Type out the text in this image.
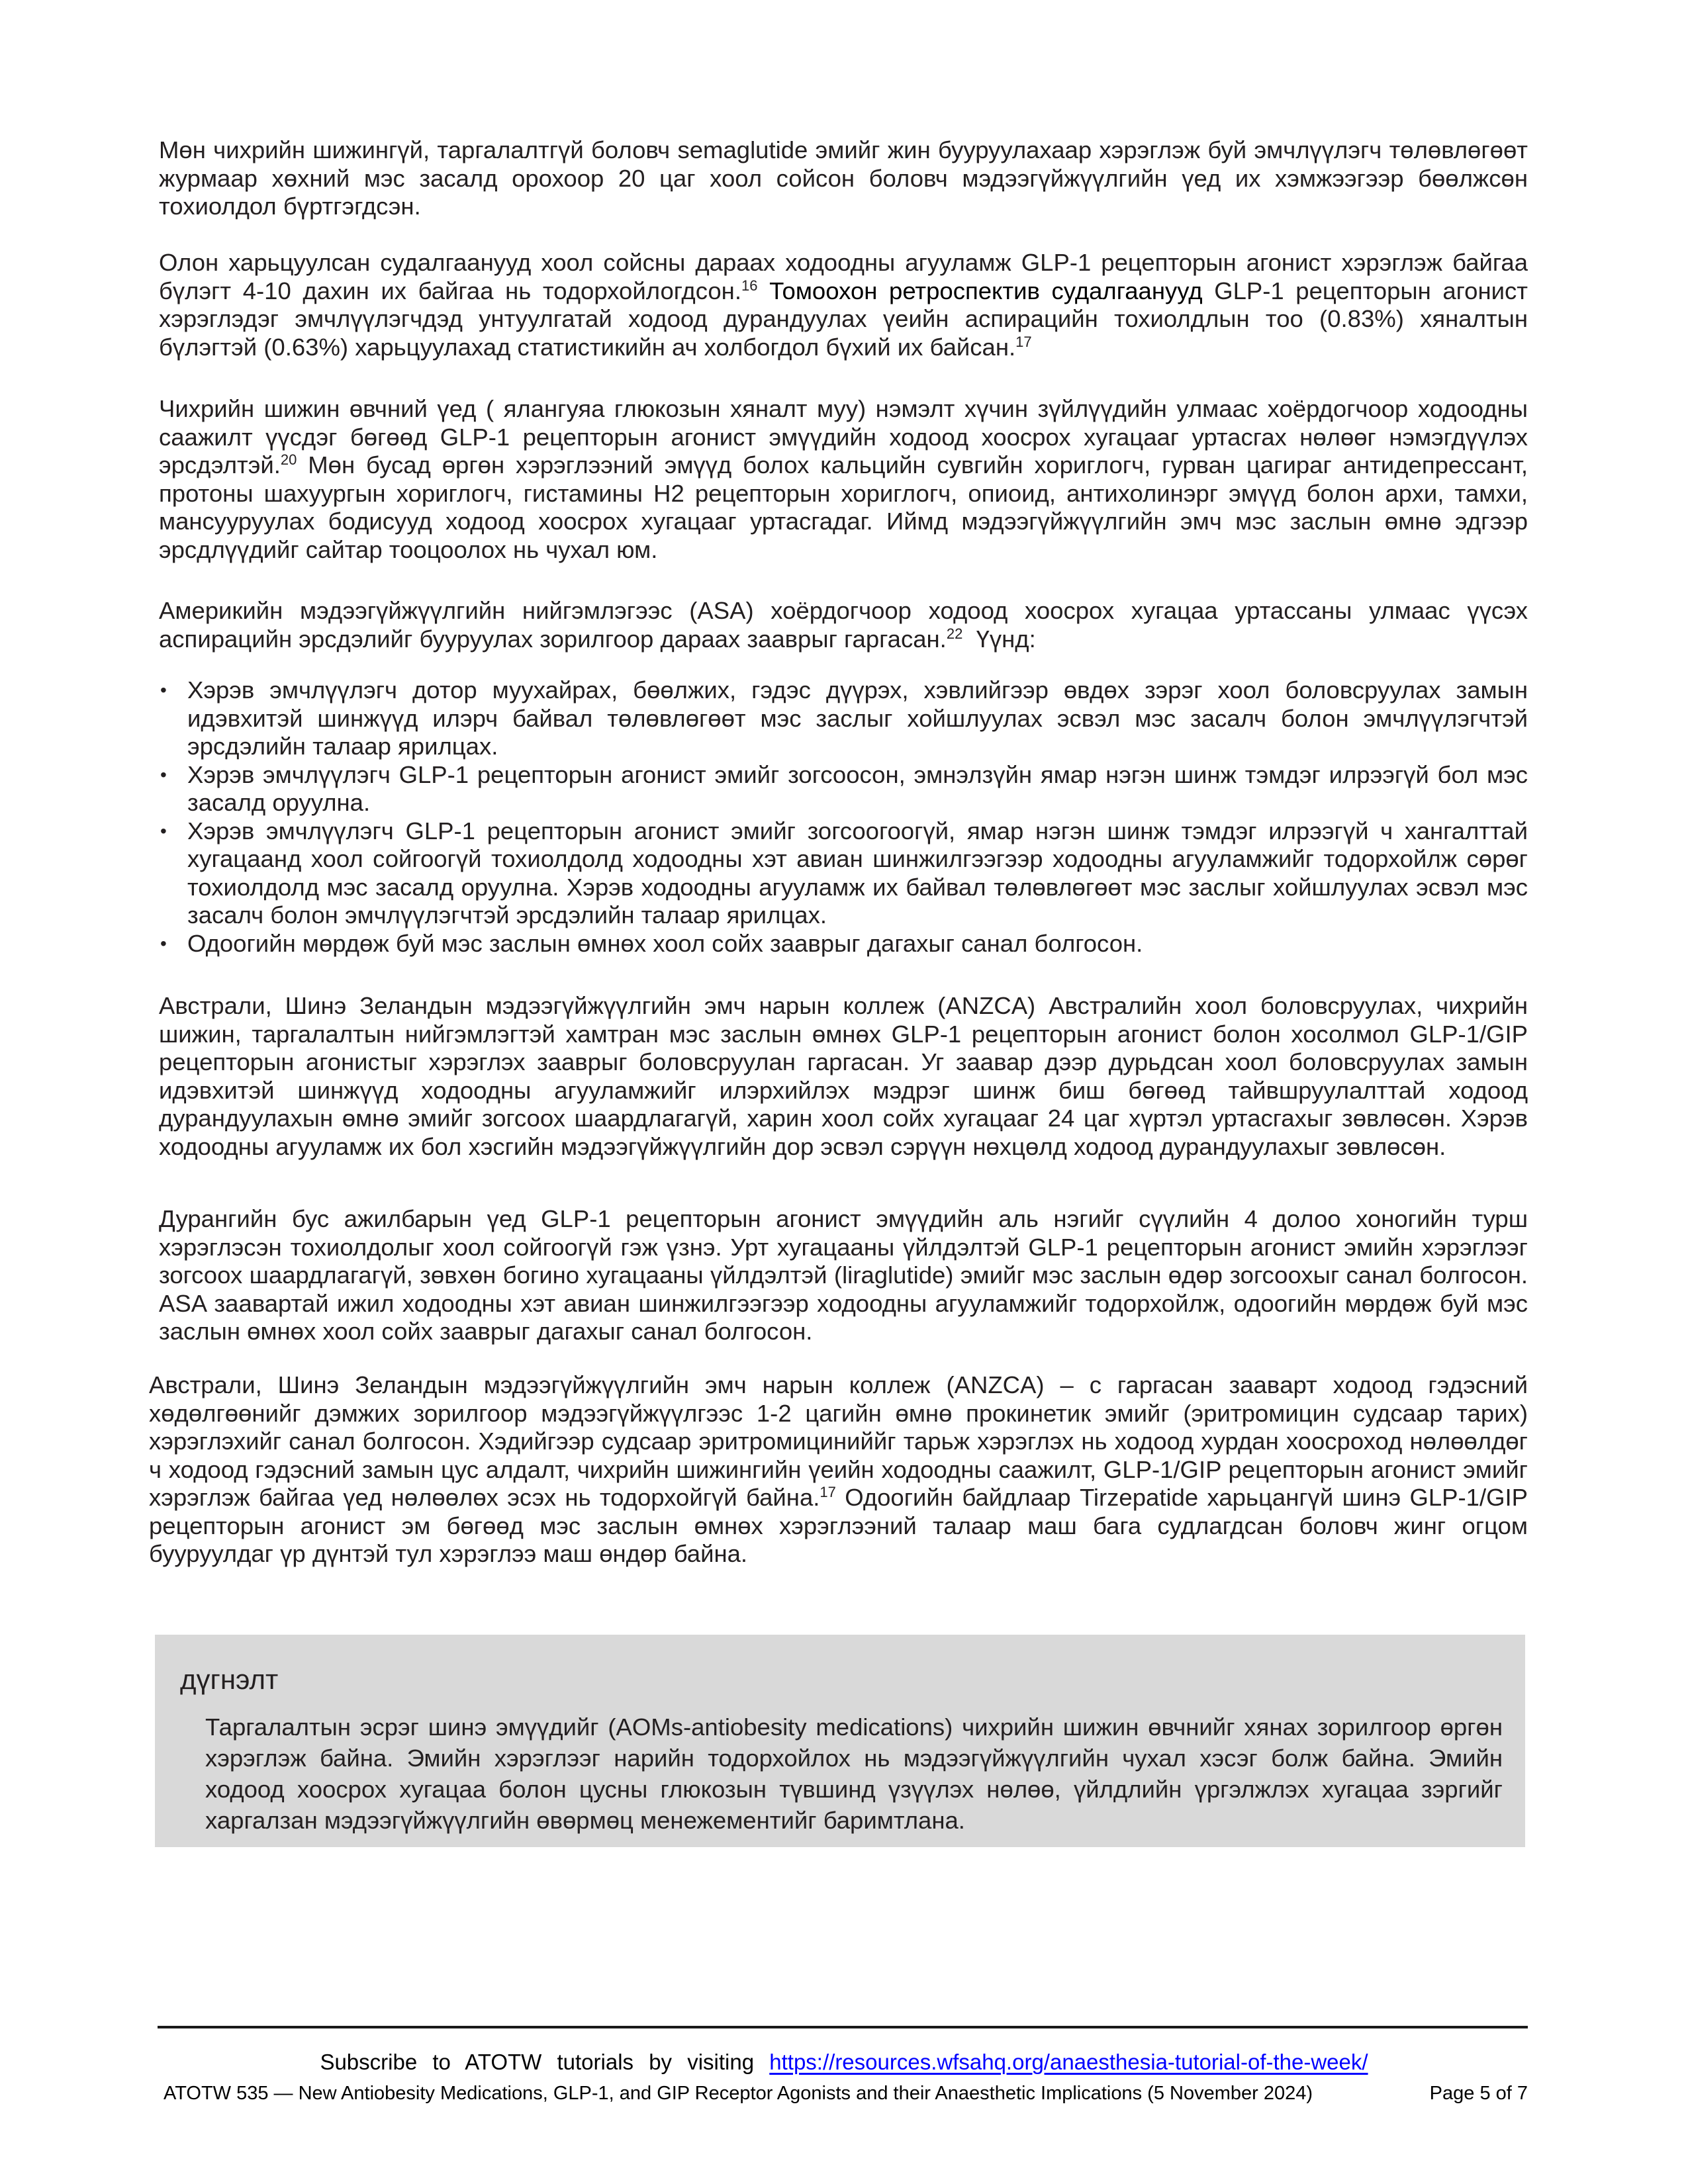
Мөн чихрийн шижингүй, таргалалтгүй боловч semaglutide эмийг жин бууруулахаар хэрэглэж буй эмчлүүлэгч төлөвлөгөөт журмаар хөхний мэс засалд орохоор 20 цаг хоол сойсон боловч мэдээгүйжүүлгийн үед их хэмжээгээр бөөлжсөн тохиолдол бүртгэгдсэн.

Олон харьцуулсан судалгаанууд хоол сойсны дараах ходоодны агууламж GLP-1 рецепторын агонист хэрэглэж байгаа бүлэгт 4-10 дахин их байгаа нь тодорхойлогдсон.$^{16}$ Томоохон ретроспектив судалгаанууд GLP-1 рецепторын агонист хэрэглэдэг эмчлүүлэгчдэд унтуулгатай ходоод дурандуулах үеийн аспирацийн тохиолдлын тоо (0.83%) хяналтын бүлэгтэй (0.63%) харьцуулахад статистикийн ач холбогдол бүхий их байсан.$^{17}$

Чихрийн шижин өвчний үед ( ялангуяа глюкозын хяналт муу) нэмэлт хүчин зүйлүүдийн улмаас хоёрдогчоор ходоодны саажилт үүсдэг бөгөөд GLP-1 рецепторын агонист эмүүдийн ходоод хоосрох хугацааг уртасгах нөлөөг нэмэгдүүлэх эрсдэлтэй.$^{20}$ Мөн бусад өргөн хэрэглээний эмүүд болох кальцийн сувгийн хориглогч, гурван цагираг антидепрессант, протоны шахуургын хориглогч, гистамины H2 рецепторын хориглогч, опиоид, антихолинэрг эмүүд болон архи, тамхи, мансууруулах бодисууд ходоод хоосрох хугацааг уртасгадаг. Иймд мэдээгүйжүүлгийн эмч мэс заслын өмнө эдгээр эрсдлүүдийг сайтар тооцоолох нь чухал юм.

Америкийн мэдээгүйжүүлгийн нийгэмлэгээс (ASA) хоёрдогчоор ходоод хоосрох хугацаа уртассаны улмаас үүсэх аспирацийн эрсдэлийг бууруулах зорилгоор дараах зааврыг гаргасан.$^{22}$  Үүнд:

• Хэрэв эмчлүүлэгч дотор муухайрах, бөөлжих, гэдэс дүүрэх, хэвлийгээр өвдөх зэрэг хоол боловсруулах замын идэвхитэй шинжүүд илэрч байвал төлөвлөгөөт мэс заслыг хойшлуулах эсвэл мэс засалч болон эмчлүүлэгчтэй эрсдэлийн талаар ярилцах.
• Хэрэв эмчлүүлэгч GLP-1 рецепторын агонист эмийг зогсоосон, эмнэлзүйн ямар нэгэн шинж тэмдэг илрээгүй бол мэс засалд оруулна.
• Хэрэв эмчлүүлэгч GLP-1 рецепторын агонист эмийг зогсоогоогүй, ямар нэгэн шинж тэмдэг илрээгүй ч хангалттай хугацаанд хоол сойгоогүй тохиолдолд ходоодны хэт авиан шинжилгээгээр ходоодны агууламжийг тодорхойлж сөрөг тохиолдолд мэс засалд оруулна. Хэрэв ходоодны агууламж их байвал төлөвлөгөөт мэс заслыг хойшлуулах эсвэл мэс засалч болон эмчлүүлэгчтэй эрсдэлийн талаар ярилцах.
• Одоогийн мөрдөж буй мэс заслын өмнөх хоол сойх зааврыг дагахыг санал болгосон.

Австрали, Шинэ Зеландын мэдээгүйжүүлгийн эмч нарын коллеж (ANZCA) Австралийн хоол боловсруулах, чихрийн шижин, таргалалтын нийгэмлэгтэй хамтран мэс заслын өмнөх GLP-1 рецепторын агонист болон хосолмол GLP-1/GIP рецепторын агонистыг хэрэглэх зааврыг боловсруулан гаргасан. Уг заавар дээр дурьдсан хоол боловсруулах замын идэвхитэй шинжүүд ходоодны агууламжийг илэрхийлэх мэдрэг шинж биш бөгөөд тайвшруулалттай ходоод дурандуулахын өмнө эмийг зогсоох шаардлагагүй, харин хоол сойх хугацааг 24 цаг хүртэл уртасгахыг зөвлөсөн. Хэрэв ходоодны агууламж их бол хэсгийн мэдээгүйжүүлгийн дор эсвэл сэрүүн нөхцөлд ходоод дурандуулахыг зөвлөсөн.

Дурангийн бус ажилбарын үед GLP-1 рецепторын агонист эмүүдийн аль нэгийг сүүлийн 4 долоо хоногийн турш хэрэглэсэн тохиолдолыг хоол сойгоогүй гэж үзнэ. Урт хугацааны үйлдэлтэй GLP-1 рецепторын агонист эмийн хэрэглээг зогсоох шаардлагагүй, зөвхөн богино хугацааны үйлдэлтэй (liraglutide) эмийг мэс заслын өдөр зогсоохыг санал болгосон. ASA заавартай ижил ходоодны хэт авиан шинжилгээгээр ходоодны агууламжийг тодорхойлж, одоогийн мөрдөж буй мэс заслын өмнөх хоол сойх зааврыг дагахыг санал болгосон.

Австрали, Шинэ Зеландын мэдээгүйжүүлгийн эмч нарын коллеж (ANZCA) – с гаргасан заавaрт ходоод гэдэсний хөдөлгөөнийг дэмжих зорилгоор мэдээгүйжүүлгээс 1-2 цагийн өмнө прокинетик эмийг (эритромицин судсаар тарих) хэрэглэхийг санал болгосон. Хэдийгээр судсаар эритромициниййг тарьж хэрэглэх нь ходоод хурдан хоосроход нөлөөлдөг ч ходоод гэдэсний замын цус алдалт, чихрийн шижингийн үеийн ходоодны саажилт, GLP-1/GIP рецепторын агонист эмийг хэрэглэж байгаа үед нөлөөлөх эсэх нь тодорхойгүй байна.$^{17}$ Одоогийн байдлаар Tirzepatide харьцангүй шинэ GLP-1/GIP рецепторын агонист эм бөгөөд мэс заслын өмнөх хэрэглээний талаар маш бага судлагдсан боловч жинг огцом бууруулдаг үр дүнтэй тул хэрэглээ маш өндөр байна.

дүгнэлт

Таргалалтын эсрэг шинэ эмүүдийг (AOMs-antiobesity medications) чихрийн шижин өвчнийг хянах зорилгоор өргөн хэрэглэж байна. Эмийн хэрэглээг нарийн тодорхойлох нь мэдээгүйжүүлгийн чухал хэсэг болж байна. Эмийн ходоод хоосрох хугацаа болон цусны глюкозын түвшинд үзүүлэх нөлөө, үйлдлийн үргэлжлэх хугацаа зэргийг харгалзан мэдээгүйжүүлгийн өвөрмөц менежементийг баримтлана.

Subscribe to ATOTW tutorials by visiting https://resources.wfsahq.org/anaesthesia-tutorial-of-the-week/
ATOTW 535 — New Antiobesity Medications, GLP-1, and GIP Receptor Agonists and their Anaesthetic Implications (5 November 2024)	Page 5 of 7
